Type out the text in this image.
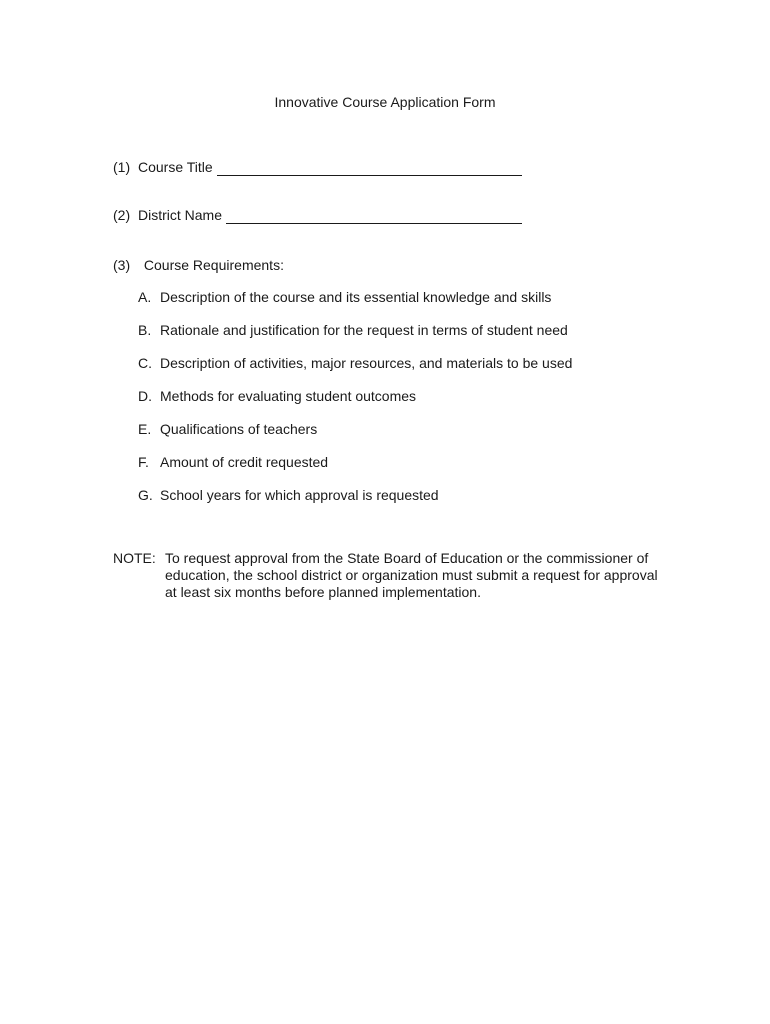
Innovative Course Application Form
(1) Course Title
(2) District Name
(3) Course Requirements:
A. Description of the course and its essential knowledge and skills
B. Rationale and justification for the request in terms of student need
C. Description of activities, major resources, and materials to be used
D. Methods for evaluating student outcomes
E. Qualifications of teachers
F. Amount of credit requested
G. School years for which approval is requested
NOTE: To request approval from the State Board of Education or the commissioner of education, the school district or organization must submit a request for approval at least six months before planned implementation.
